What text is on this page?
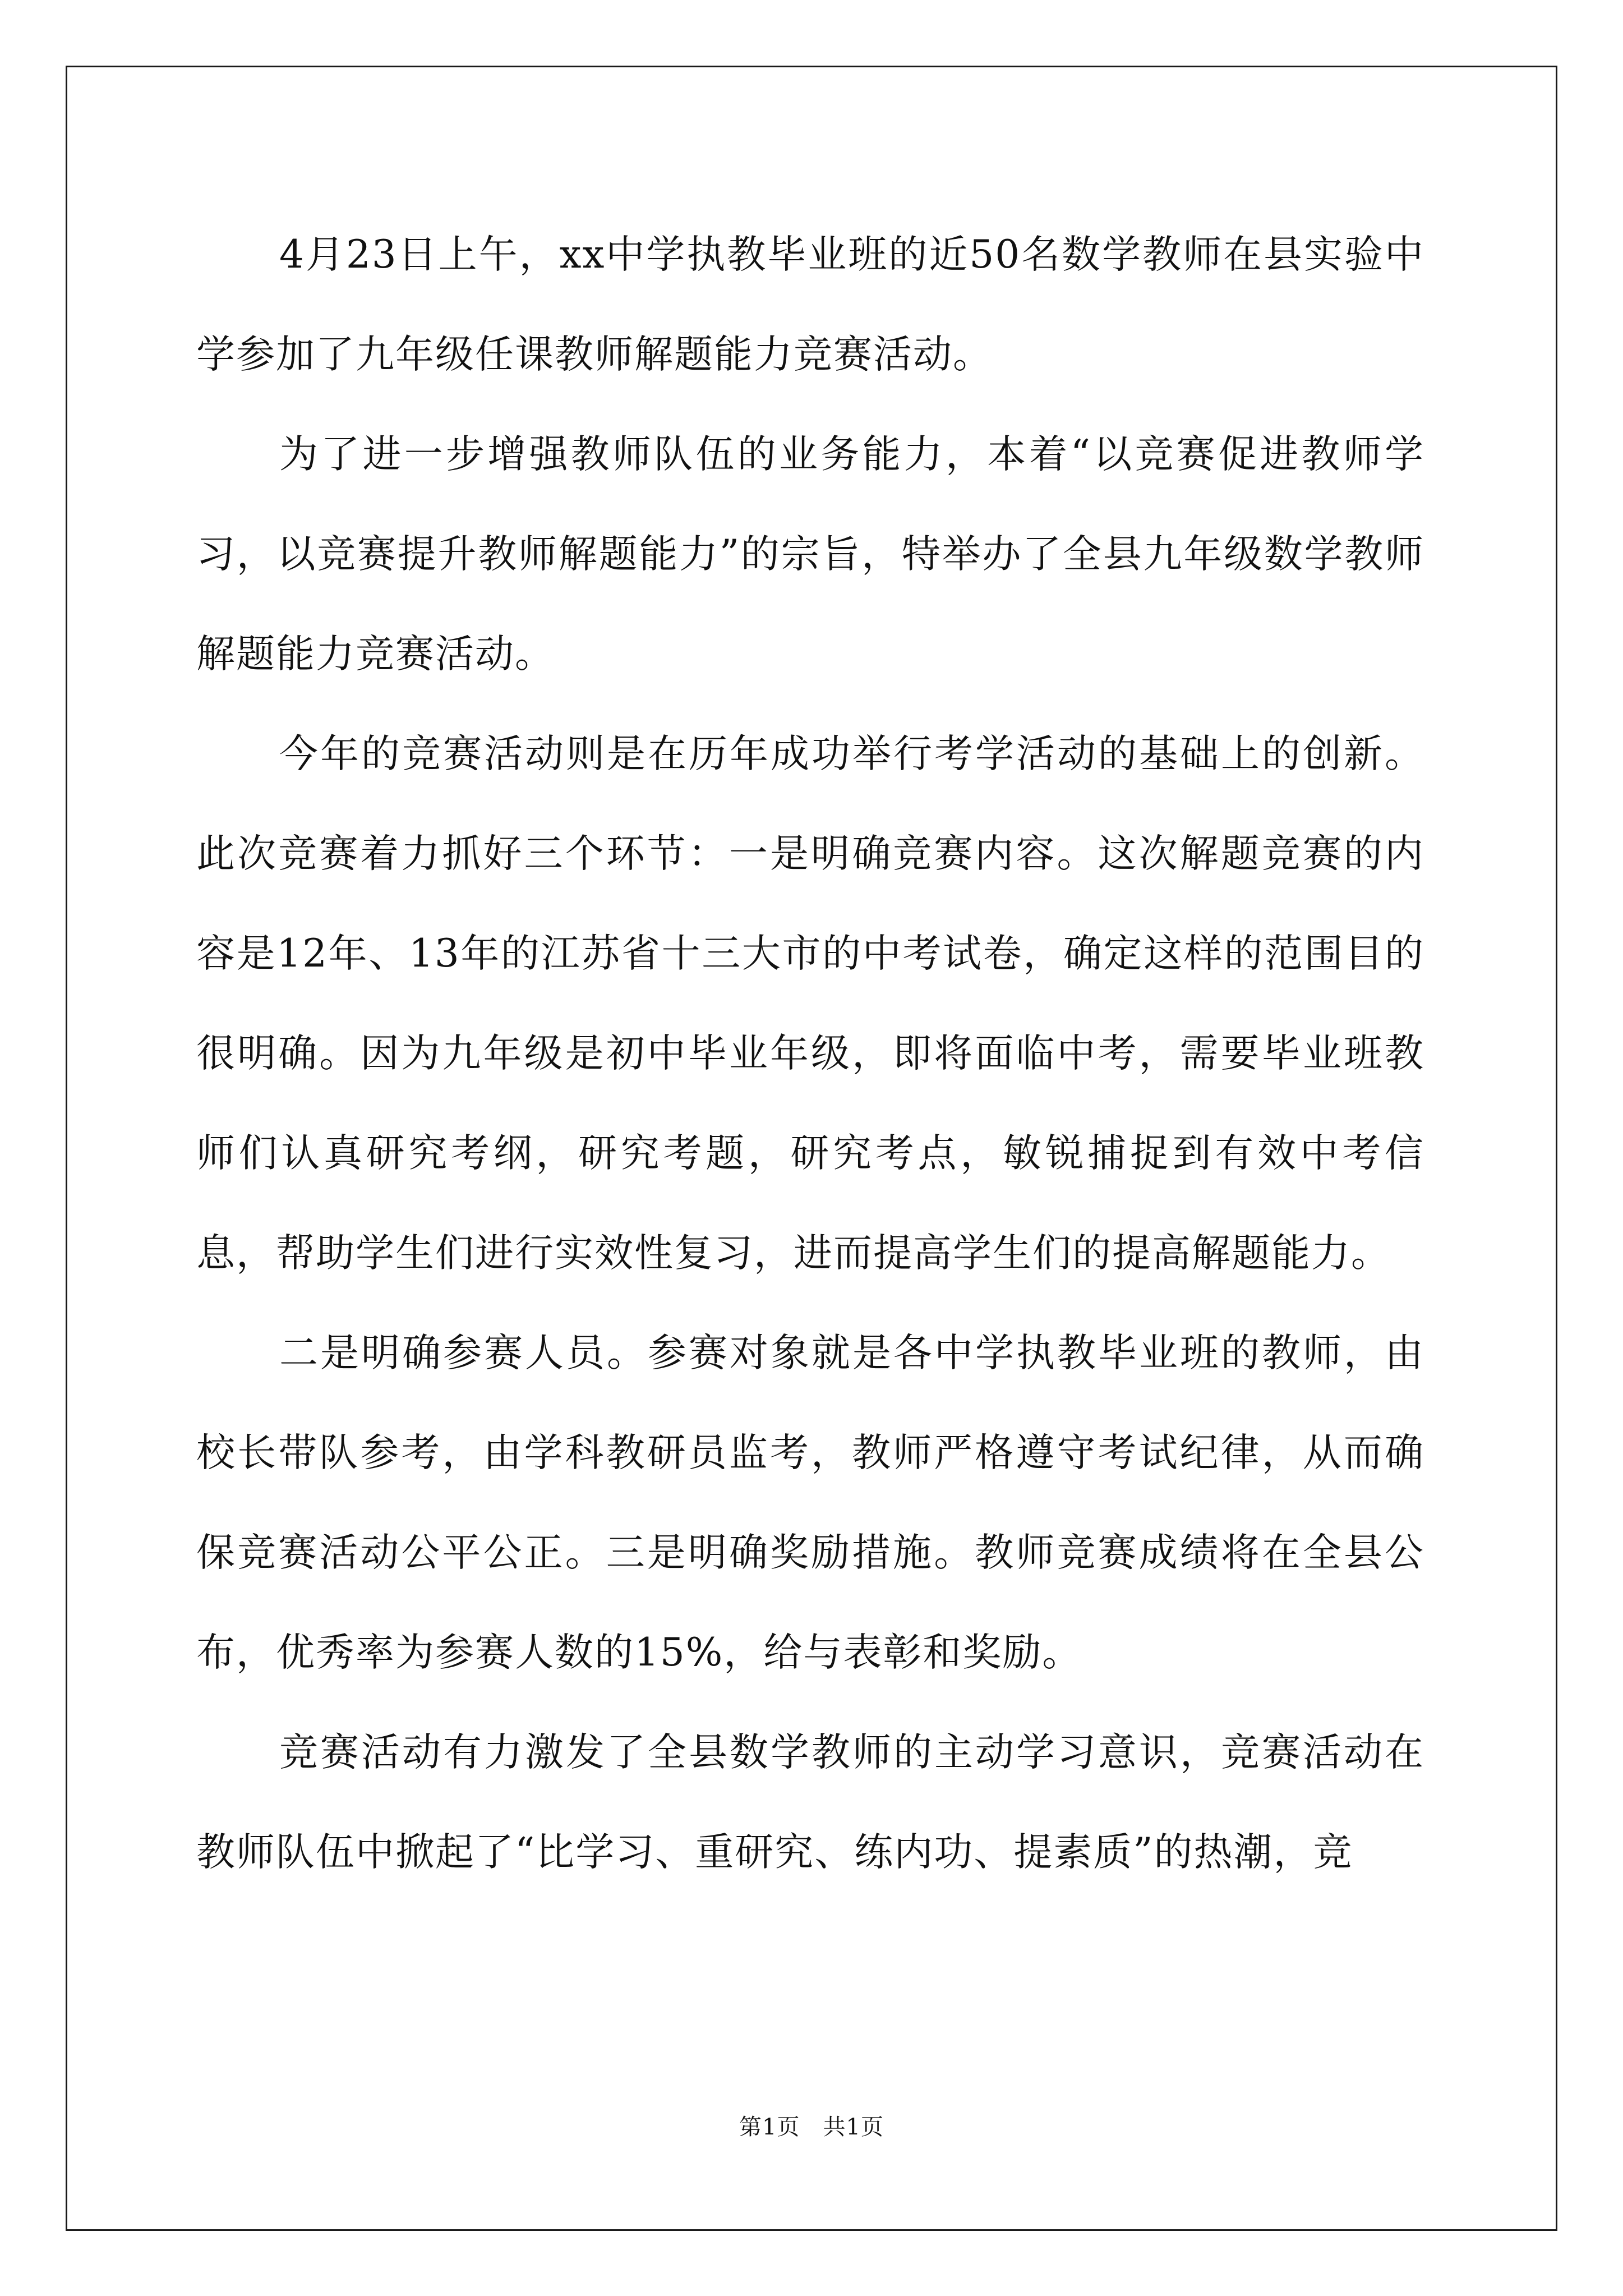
4月23日上午，xx中学执教毕业班的近50名数学教师在县实验中学参加了九年级任课教师解题能力竞赛活动。

为了进一步增强教师队伍的业务能力，本着“以竞赛促进教师学习，以竞赛提升教师解题能力”的宗旨，特举办了全县九年级数学教师解题能力竞赛活动。

今年的竞赛活动则是在历年成功举行考学活动的基础上的创新。此次竞赛着力抓好三个环节：一是明确竞赛内容。这次解题竞赛的内容是12年、13年的江苏省十三大市的中考试卷，确定这样的范围目的很明确。因为九年级是初中毕业年级，即将面临中考，需要毕业班教师们认真研究考纲，研究考题，研究考点，敏锐捕捉到有效中考信息，帮助学生们进行实效性复习，进而提高学生们的提高解题能力。

二是明确参赛人员。参赛对象就是各中学执教毕业班的教师，由校长带队参考，由学科教研员监考，教师严格遵守考试纪律，从而确保竞赛活动公平公正。三是明确奖励措施。教师竞赛成绩将在全县公布，优秀率为参赛人数的15%，给与表彰和奖励。

竞赛活动有力激发了全县数学教师的主动学习意识，竞赛活动在教师队伍中掀起了“比学习、重研究、练内功、提素质”的热潮，竞

第1页　共1页
